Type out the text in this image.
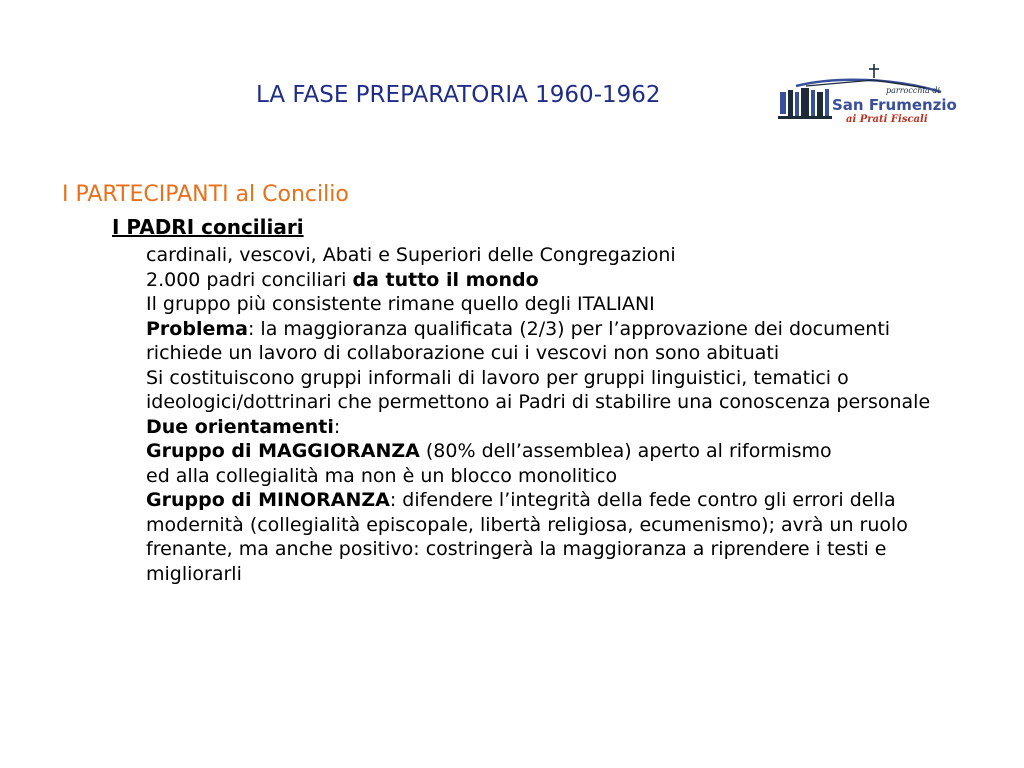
LA FASE PREPARATORIA 1960-1962	parrocchia di
San Frumenzio
ai Prati Fiscali
I PARTECIPANTI al Concilio
I PADRI conciliari

cardinali, vescovi, Abati e Superiori delle Congregazioni

2.000 padri conciliari da tutto il mondo

Il gruppo più consistente rimane quello degli ITALIANI

Problema: la maggioranza qualificata (2/3) per l’approvazione dei documenti richiede un lavoro di collaborazione cui i vescovi non sono abituati

Si costituiscono gruppi informali di lavoro per gruppi linguistici, tematici o ideologici/dottrinari che permettono ai Padri di stabilire una conoscenza personale

Due orientamenti:

Gruppo di MAGGIORANZA (80% dell’assemblea) aperto al riformismo ed alla collegialità ma non è un blocco monolitico

Gruppo di MINORANZA: difendere l’integrità della fede contro gli errori della modernità (collegialità episcopale, libertà religiosa, ecumenismo); avrà un ruolo frenante, ma anche positivo: costringerà la maggioranza a riprendere i testi e migliorarli
